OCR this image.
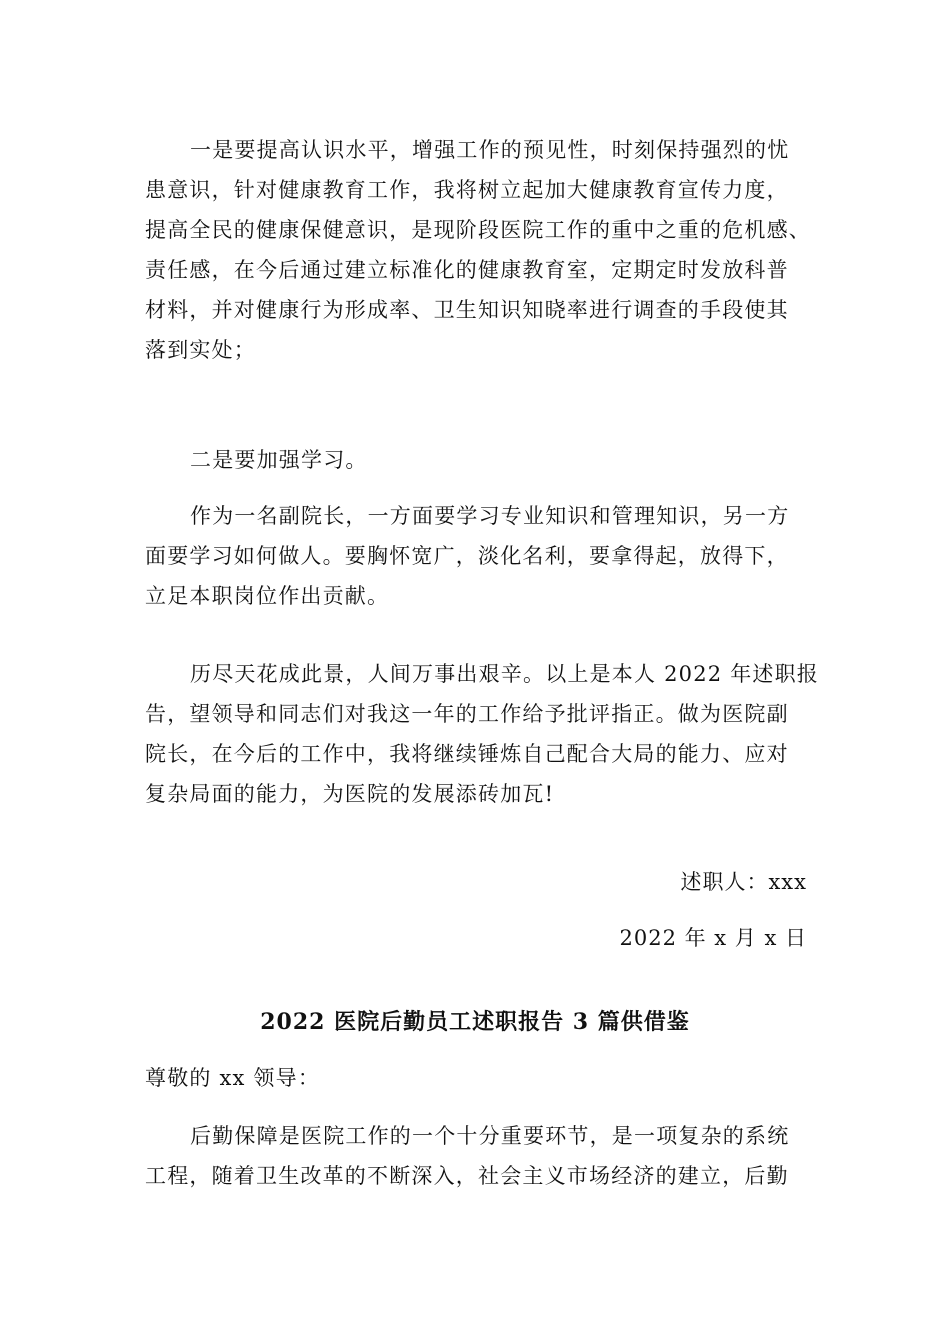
一是要提高认识水平，增强工作的预见性，时刻保持强烈的忧
患意识，针对健康教育工作，我将树立起加大健康教育宣传力度，
提高全民的健康保健意识，是现阶段医院工作的重中之重的危机感、
责任感，在今后通过建立标准化的健康教育室，定期定时发放科普
材料，并对健康行为形成率、卫生知识知晓率进行调查的手段使其
落到实处；
二是要加强学习。
作为一名副院长，一方面要学习专业知识和管理知识，另一方
面要学习如何做人。要胸怀宽广，淡化名利，要拿得起，放得下，
立足本职岗位作出贡献。
历尽天花成此景，人间万事出艰辛。以上是本人 2022 年述职报
告，望领导和同志们对我这一年的工作给予批评指正。做为医院副
院长，在今后的工作中，我将继续锤炼自己配合大局的能力、应对
复杂局面的能力，为医院的发展添砖加瓦!
述职人：xxx
2022 年 x 月 x 日
2022 医院后勤员工述职报告 3 篇供借鉴
尊敬的 xx 领导：
后勤保障是医院工作的一个十分重要环节，是一项复杂的系统
工程，随着卫生改革的不断深入，社会主义市场经济的建立，后勤
